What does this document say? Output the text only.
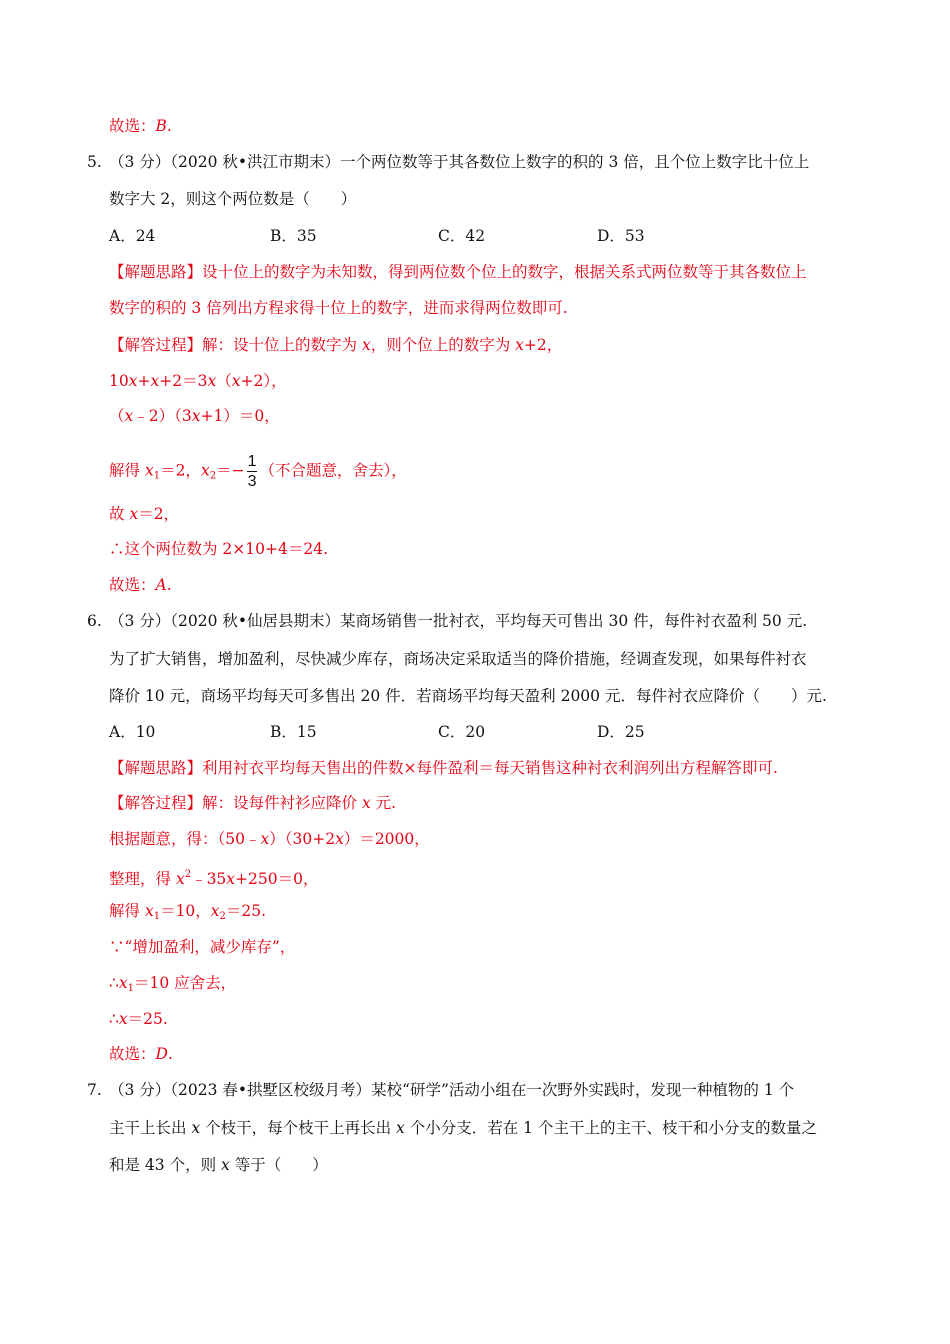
故选：B.
5. （3 分）（2020 秋•洪江市期末）一个两位数等于其各数位上数字的积的 3 倍，且个位上数字比十位上
数字大 2，则这个两位数是（　　）
A．24	B．35	C．42	D．53
【解题思路】设十位上的数字为未知数，得到两位数个位上的数字，根据关系式两位数等于其各数位上
数字的积的 3 倍列出方程求得十位上的数字，进而求得两位数即可.
【解答过程】解：设十位上的数字为 x，则个位上的数字为 x+2，
10x+x+2＝3x（x+2），
（x﹣2）（3x+1）＝0，
解得 $x_1=2$，$x_2=- \frac{1}{3}$ （不合题意，舍去），
故 x＝2，
∴这个两位数为 2×10+4＝24.
故选：A.
6. （3 分）（2020 秋•仙居县期末）某商场销售一批衬衣，平均每天可售出 30 件，每件衬衣盈利 50 元.
为了扩大销售，增加盈利，尽快减少库存，商场决定采取适当的降价措施，经调查发现，如果每件衬衣
降价 10 元，商场平均每天可多售出 20 件．若商场平均每天盈利 2000 元．每件衬衣应降价（　　）元.
A．10	B．15	C．20	D．25
【解题思路】利用衬衣平均每天售出的件数×每件盈利＝每天销售这种衬衣利润列出方程解答即可.
【解答过程】解：设每件衬衫应降价 x 元.
根据题意，得：（50﹣x）（30+2x）＝2000，
整理，得 $x^2﹣35x+250=0$，
解得 $x_1=10$，$x_2=25$.
∵“增加盈利，减少库存”，
$\therefore x_1=10$ 应舍去，
∴x＝25.
故选：D.
7. （3 分）（2023 春•拱墅区校级月考）某校“研学”活动小组在一次野外实践时，发现一种植物的 1 个
主干上长出 x 个枝干，每个枝干上再长出 x 个小分支．若在 1 个主干上的主干、枝干和小分支的数量之
和是 43 个，则 x 等于（　　）
